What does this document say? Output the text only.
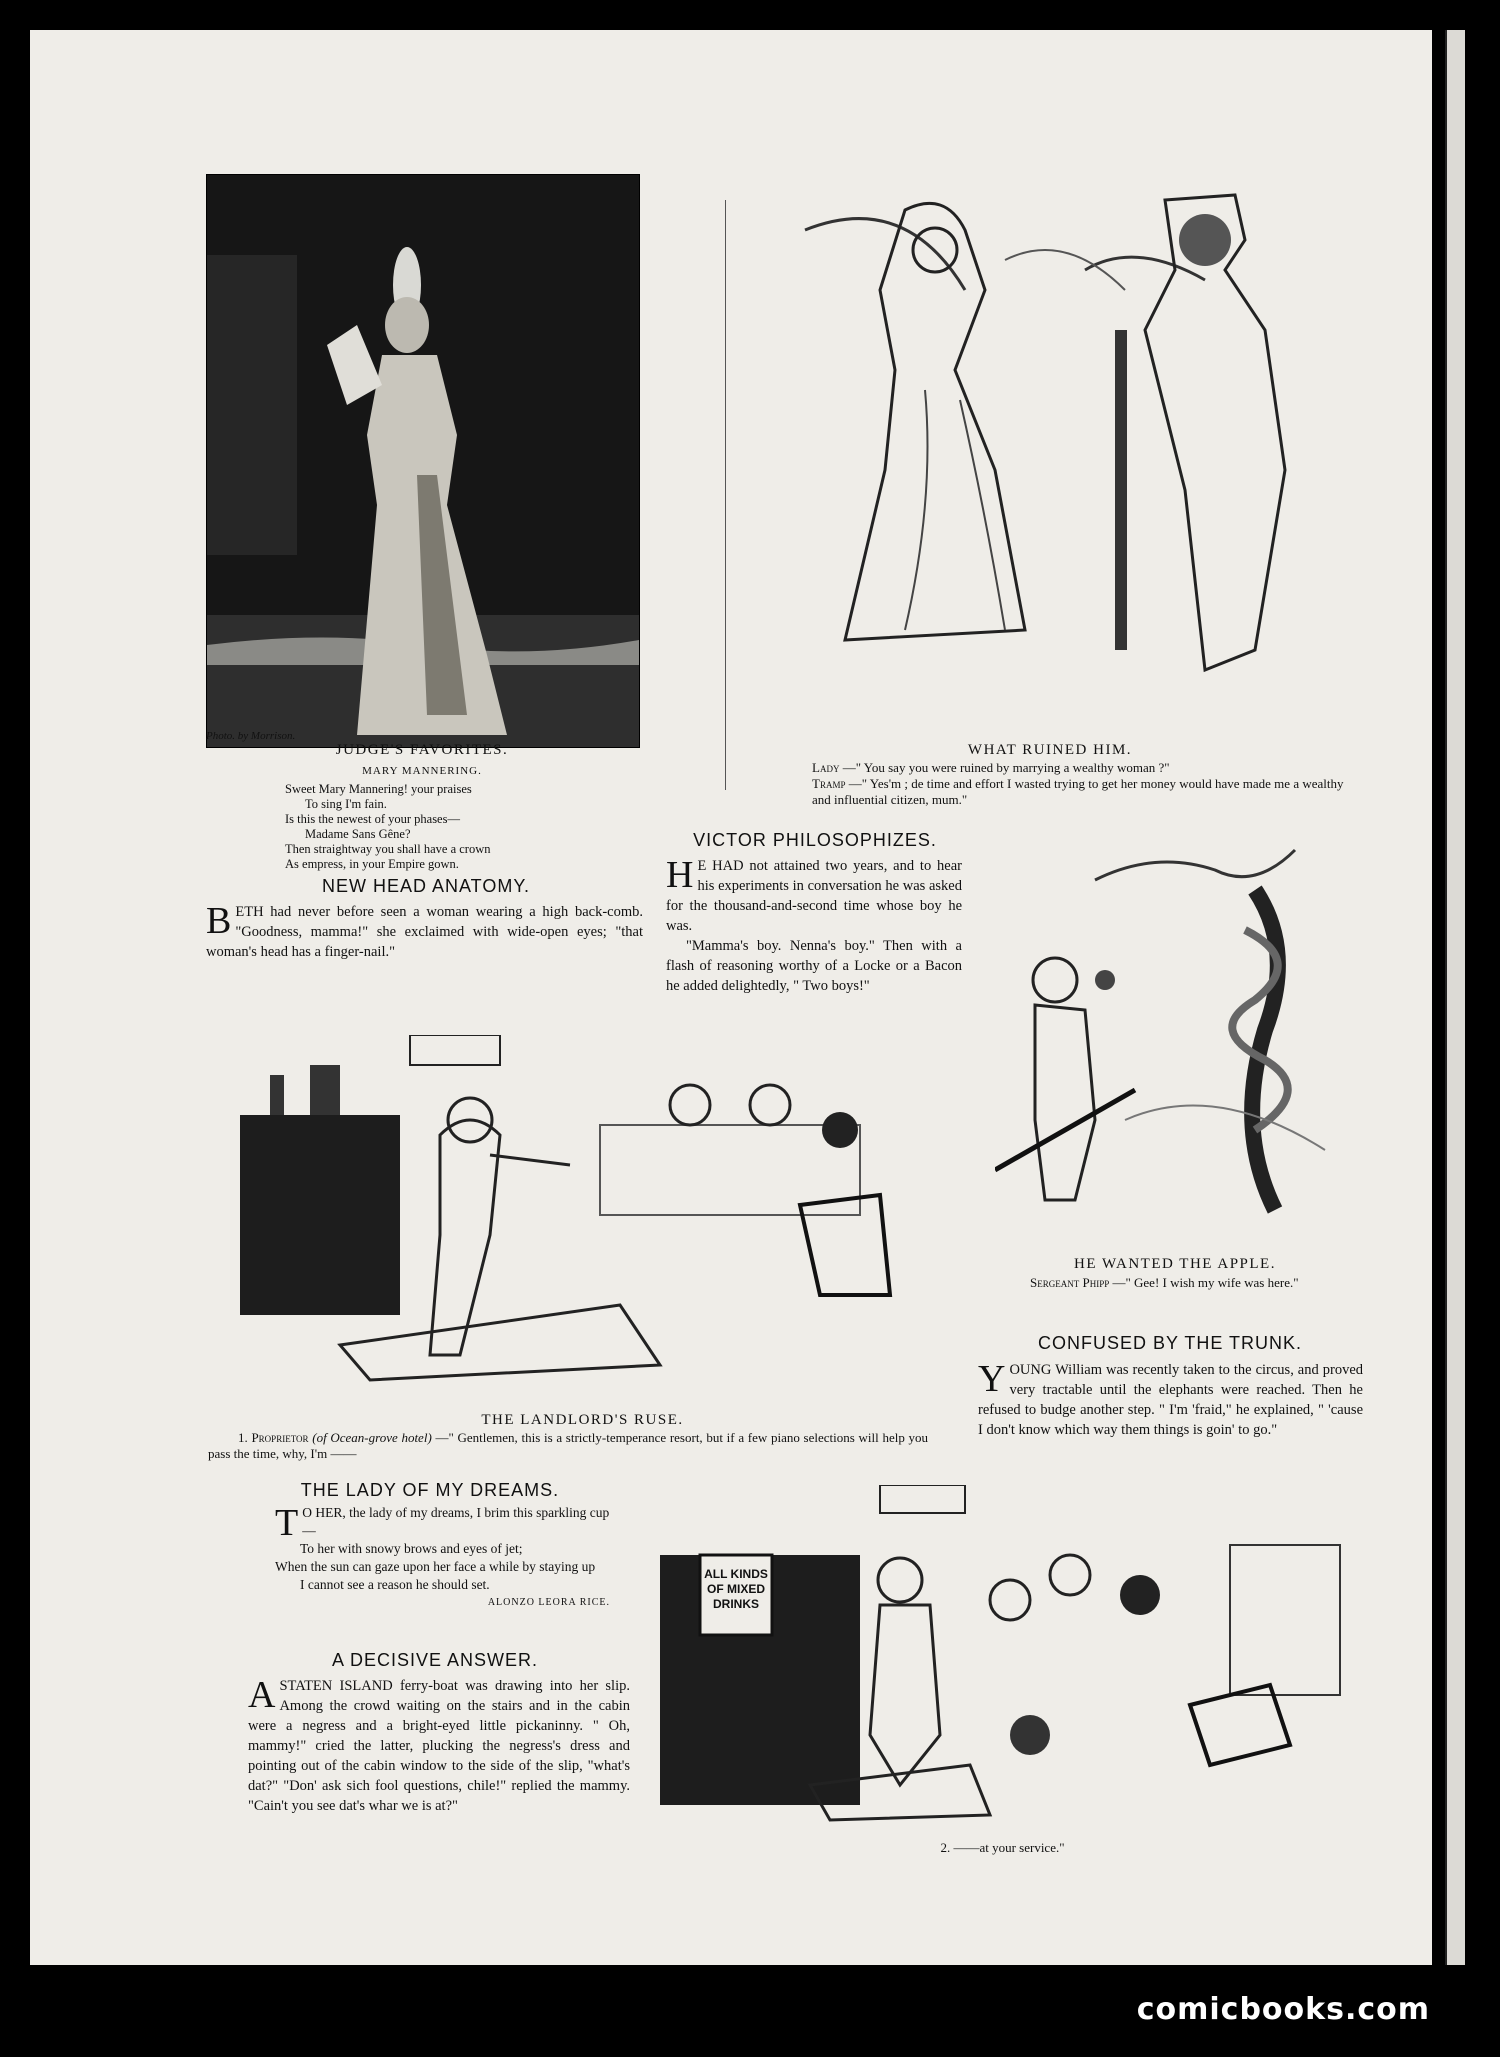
Photo. by Morrison.
JUDGE'S FAVORITES.
MARY MANNERING.
Sweet Mary Mannering! your praises
To sing I'm fain.
Is this the newest of your phases—
Madame Sans Gêne?
Then straightway you shall have a crown
As empress, in your Empire gown.
WHAT RUINED HIM.
Lady —" You say you were ruined by marrying a wealthy woman ?"
Tramp —" Yes'm ; de time and effort I wasted trying to get her money would have made me a wealthy and influential citizen, mum."
NEW HEAD ANATOMY.
B ETH had never before seen a woman wearing a high back-comb. "Goodness, mamma!" she exclaimed with wide-open eyes; "that woman's head has a finger-nail."
VICTOR PHILOSOPHIZES.
H E HAD not attained two years, and to hear his experiments in conversation he was asked for the thousand-and-second time whose boy he was.
"Mamma's boy. Nenna's boy." Then with a flash of reasoning worthy of a Locke or a Bacon he added delightedly, " Two boys!"
HE WANTED THE APPLE.
Sergeant Phipp —" Gee! I wish my wife was here."
THE LANDLORD'S RUSE.
1. Proprietor (of Ocean-grove hotel) —" Gentlemen, this is a strictly-temperance resort, but if a few piano selections will help you pass the time, why, I'm ——
CONFUSED BY THE TRUNK.
Y OUNG William was recently taken to the circus, and proved very tractable until the elephants were reached. Then he refused to budge another step. " I'm 'fraid," he explained, " 'cause I don't know which way them things is goin' to go."
THE LADY OF MY DREAMS.
T O HER, the lady of my dreams, I brim this sparkling cup—
To her with snowy brows and eyes of jet;
When the sun can gaze upon her face a while by staying up
I cannot see a reason he should set.
ALONZO LEORA RICE.
A DECISIVE ANSWER.
A STATEN ISLAND ferry-boat was drawing into her slip. Among the crowd waiting on the stairs and in the cabin were a negress and a bright-eyed little pickaninny. " Oh, mammy!" cried the latter, plucking the negress's dress and pointing out of the cabin window to the side of the slip, "what's dat?" "Don' ask sich fool questions, chile!" replied the mammy. "Cain't you see dat's whar we is at?"
ALL KINDS OF MIXED DRINKS
2. ——at your service."
comicbooks.com
